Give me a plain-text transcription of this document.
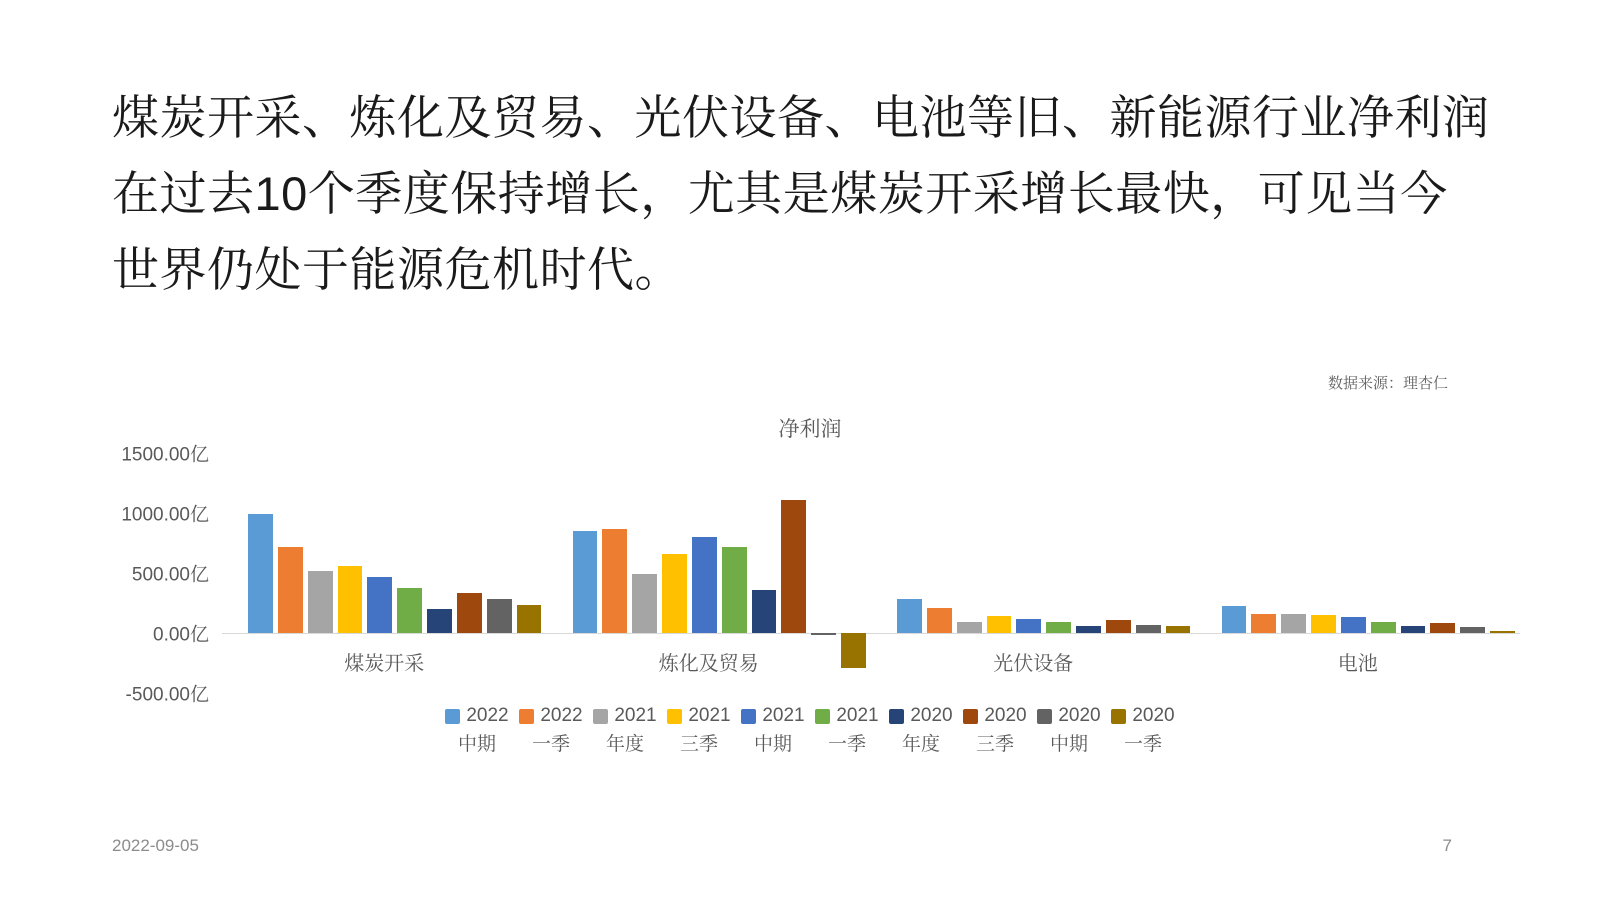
煤炭开采、炼化及贸易、光伏设备、电池等旧、新能源行业净利润在过去10个季度保持增长，尤其是煤炭开采增长最快，可见当今世界仍处于能源危机时代。
数据来源：理杏仁
净利润
1500.00亿
1000.00亿
500.00亿
0.00亿
-500.00亿
煤炭开采	炼化及贸易	光伏设备	电池
2022
中期
2022
一季
2021
年度
2021
三季
2021
中期
2021
一季
2020
年度
2020
三季
2020
中期
2020
一季
2022-09-05	7
